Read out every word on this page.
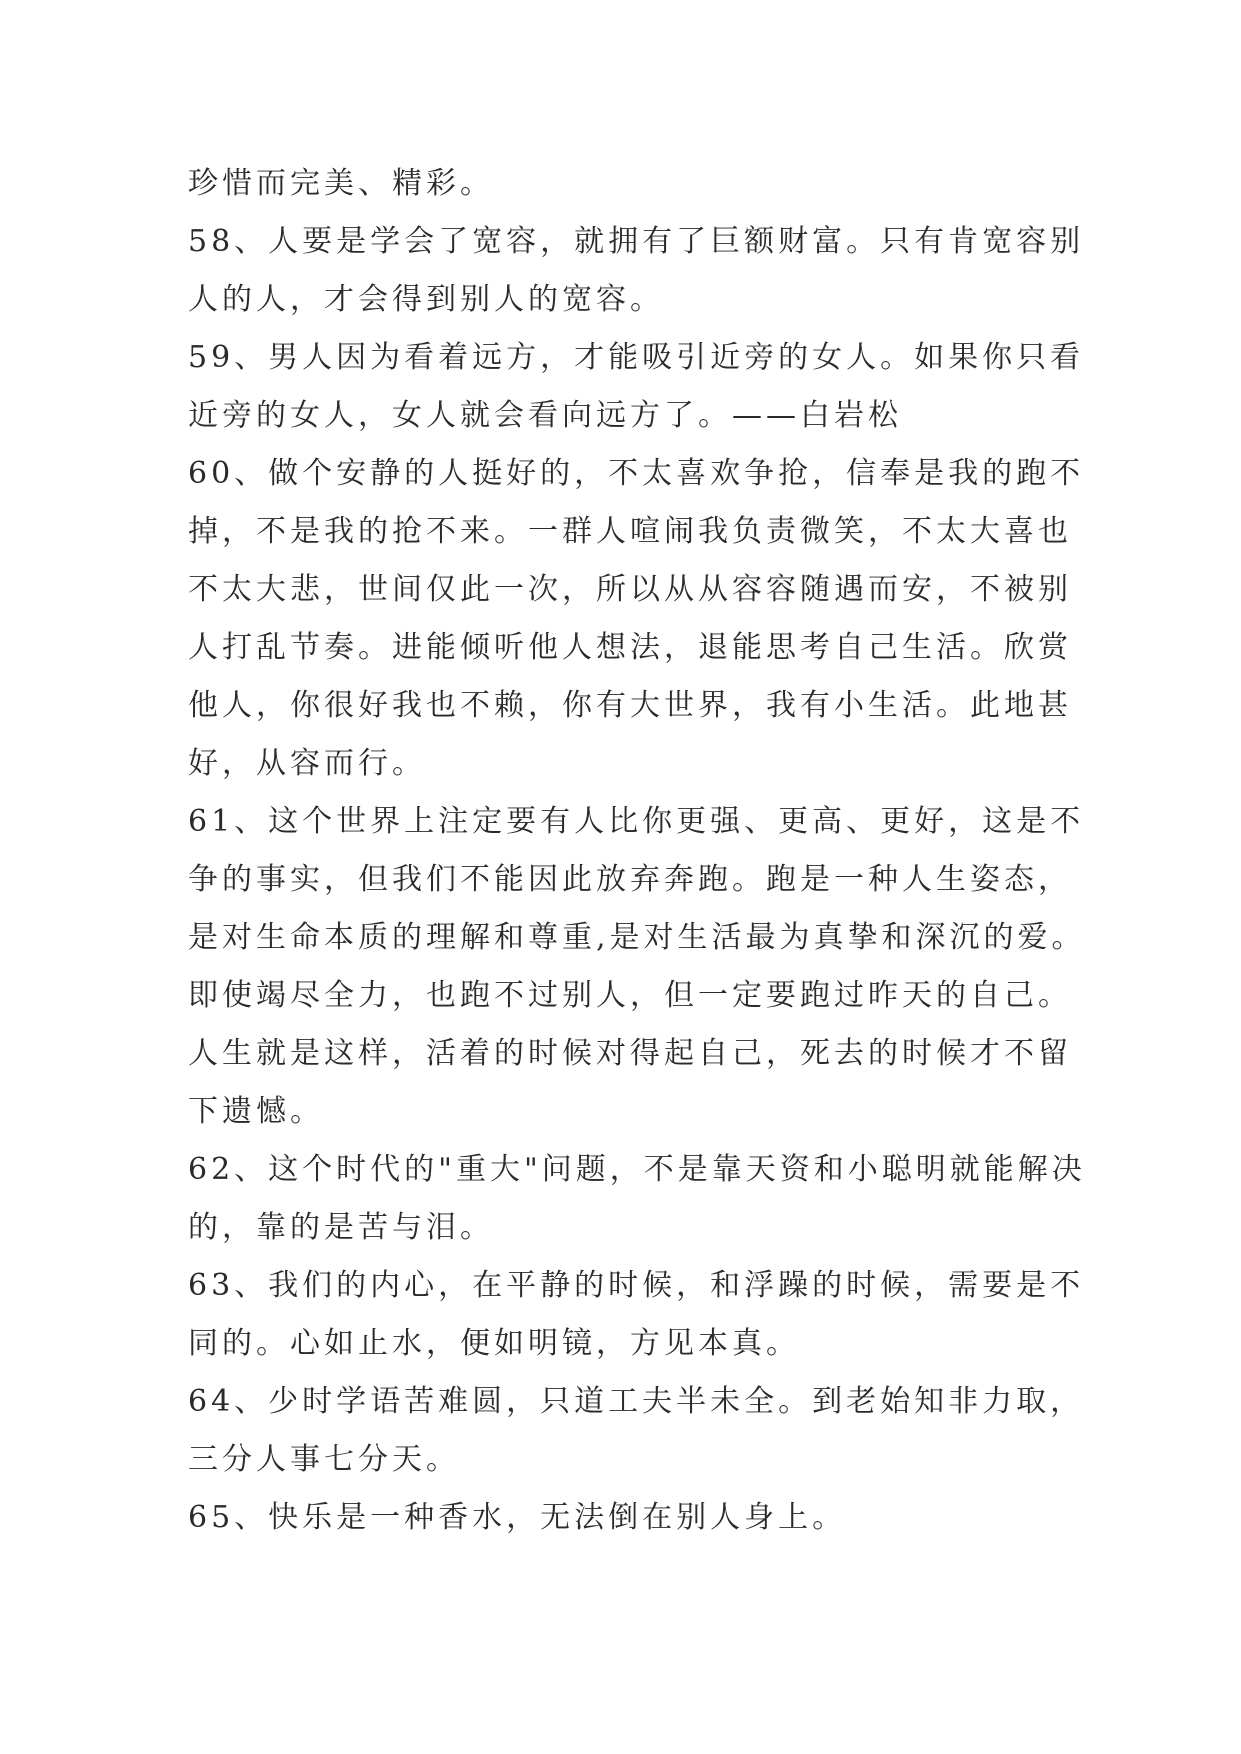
珍惜而完美、精彩。
58、人要是学会了宽容，就拥有了巨额财富。只有肯宽容别
人的人，才会得到别人的宽容。
59、男人因为看着远方，才能吸引近旁的女人。如果你只看
近旁的女人，女人就会看向远方了。——白岩松
60、做个安静的人挺好的，不太喜欢争抢，信奉是我的跑不
掉，不是我的抢不来。一群人喧闹我负责微笑，不太大喜也
不太大悲，世间仅此一次，所以从从容容随遇而安，不被别
人打乱节奏。进能倾听他人想法，退能思考自己生活。欣赏
他人，你很好我也不赖，你有大世界，我有小生活。此地甚
好，从容而行。
61、这个世界上注定要有人比你更强、更高、更好，这是不
争的事实，但我们不能因此放弃奔跑。跑是一种人生姿态，
是对生命本质的理解和尊重,是对生活最为真挚和深沉的爱。
即使竭尽全力，也跑不过别人，但一定要跑过昨天的自己。
人生就是这样，活着的时候对得起自己，死去的时候才不留
下遗憾。
62、这个时代的"重大"问题，不是靠天资和小聪明就能解决
的，靠的是苦与泪。
63、我们的内心，在平静的时候，和浮躁的时候，需要是不
同的。心如止水，便如明镜，方见本真。
64、少时学语苦难圆，只道工夫半未全。到老始知非力取，
三分人事七分天。
65、快乐是一种香水，无法倒在别人身上。
